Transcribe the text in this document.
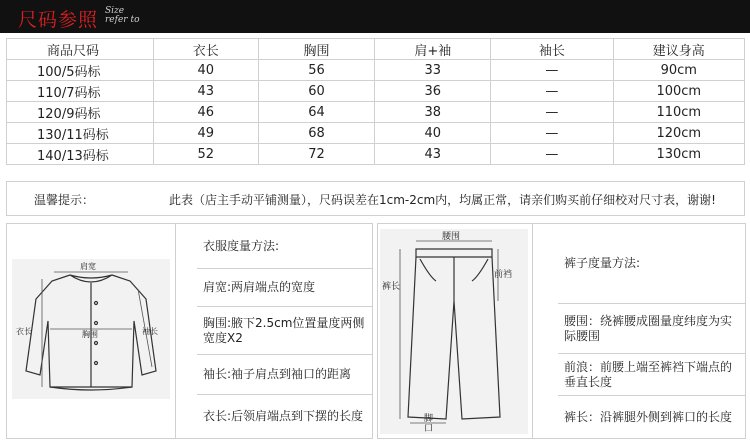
尺码参照 Size
refer to
商品尺码	衣长	胸围	肩+袖	袖长	建议身高
100/5码标	40	56	33	—	90cm
110/7码标	43	60	36	—	100cm
120/9码标	46	64	38	—	110cm
130/11码标	49	68	40	—	120cm
140/13码标	52	72	43	—	130cm
温馨提示：	此表（店主手动平铺测量），尺码误差在1cm-2cm内，均属正常，请亲们购买前仔细校对尺寸表，谢谢!
肩宽
胸围
衣长	袖长
衣服度量方法:
肩宽:两肩端点的宽度
胸围:腋下2.5cm位置量度两侧宽度X2
袖长:袖子肩点到袖口的距离
衣长:后领肩端点到下摆的长度
腰围
前裆
裤长
脚
口
裤子度量方法:
腰围：绕裤腰成圈量度纬度为实际腰围
前浪：前腰上端至裤裆下端点的垂直长度
裤长：沿裤腿外侧到裤口的长度
